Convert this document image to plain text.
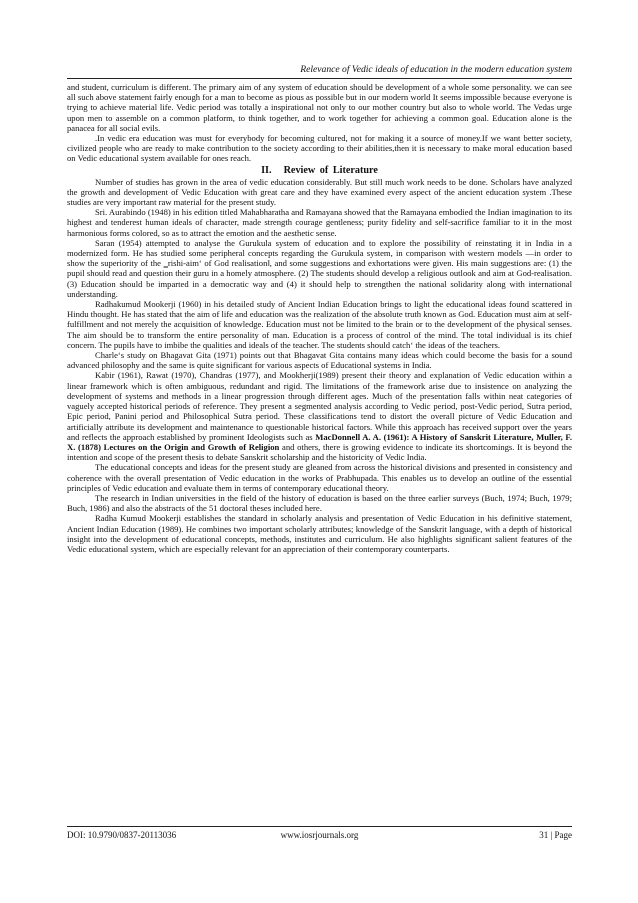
Relevance of Vedic ideals of education in the modern education system

and student, curriculum is different. The primary aim of any system of education should be development of a whole some personality. we can see all such above statement fairly enough for a man to become as pious as possible but in our modern world It seems impossible because everyone is trying to achieve material life. Vedic period was totally a inspirational not only to our mother country but also to whole world. The Vedas urge upon men to assemble on a common platform, to think together, and to work together for achieving a common goal. Education alone is the panacea for all social evils.

.In vedic era education was must for everybody for becoming cultured, not for making it a source of money.If we want better society, civilized people who are ready to make contribution to the society according to their abilities,then it is necessary to make moral education based on Vedic educational system available for ones reach.

II. Review of Literature

Number of studies has grown in the area of vedic education considerably. But still much work needs to be done. Scholars have analyzed the growth and development of Vedic Education with great care and they have examined every aspect of the ancient education system .These studies are very important raw material for the present study.

Sri. Aurabindo (1948) in his edition titled Mahabharatha and Ramayana showed that the Ramayana embodied the Indian imagination to its highest and tenderest human ideals of character, made strength courage gentleness; purity fidelity and self-sacrifice familiar to it in the most harmonious forms colored, so as to attract the emotion and the aesthetic sense.

Saran (1954) attempted to analyse the Gurukula system of education and to explore the possibility of reinstating it in India in a modernized form. He has studied some peripheral concepts regarding the Gurukula system, in comparison with western models ―in order to show the superiority of the ‗rishi-aim‘ of God realisation‖, and some suggestions and exhortations were given. His main suggestions are: (1) the pupil should read and question their guru in a homely atmosphere. (2) The students should develop a religious outlook and aim at God-realisation. (3) Education should be imparted in a democratic way and (4) it should help to strengthen the national solidarity along with international understanding.

Radhakumud Mookerji (1960) in his detailed study of Ancient Indian Education brings to light the educational ideas found scattered in Hindu thought. He has stated that the aim of life and education was the realization of the absolute truth known as God. Education must aim at self-fulfillment and not merely the acquisition of knowledge. Education must not be limited to the brain or to the development of the physical senses. The aim should be to transform the entire personality of man. Education is a process of control of the mind. The total individual is its chief concern. The pupils have to imbibe the qualities and ideals of the teacher. The students should catch‘ the ideas of the teachers.

Charle‘s study on Bhagavat Gita (1971) points out that Bhagavat Gita contains many ideas which could become the basis for a sound advanced philosophy and the same is quite significant for various aspects of Educational systems in India.

Kabir (1961), Rawat (1970), Chandras (1977), and Mookherji(1989) present their theory and explanation of Vedic education within a linear framework which is often ambiguous, redundant and rigid. The limitations of the framework arise due to insistence on analyzing the development of systems and methods in a linear progression through different ages. Much of the presentation falls within neat categories of vaguely accepted historical periods of reference. They present a segmented analysis according to Vedic period, post-Vedic period, Sutra period, Epic period, Panini period and Philosophical Sutra period. These classifications tend to distort the overall picture of Vedic Education and artificially attribute its development and maintenance to questionable historical factors. While this approach has received support over the years and reflects the approach established by prominent Ideologists such as MacDonnell A. A. (1961): A History of Sanskrit Literature, Muller, F. X. (1878) Lectures on the Origin and Growth of Religion and others, there is growing evidence to indicate its shortcomings. It is beyond the intention and scope of the present thesis to debate Sanskrit scholarship and the historicity of Vedic India.

The educational concepts and ideas for the present study are gleaned from across the historical divisions and presented in consistency and coherence with the overall presentation of Vedic education in the works of Prabhupada. This enables us to develop an outline of the essential principles of Vedic education and evaluate them in terms of contemporary educational theory.

The research in Indian universities in the field of the history of education is based on the three earlier surveys (Buch, 1974; Buch, 1979; Buch, 1986) and also the abstracts of the 51 doctoral theses included here.

Radha Kumud Mookerji establishes the standard in scholarly analysis and presentation of Vedic Education in his definitive statement, Ancient Indian Education (1989). He combines two important scholarly attributes; knowledge of the Sanskrit language, with a depth of historical insight into the development of educational concepts, methods, institutes and curriculum. He also highlights significant salient features of the Vedic educational system, which are especially relevant for an appreciation of their contemporary counterparts.

DOI: 10.9790/0837-20113036	www.iosrjournals.org	31 | Page
